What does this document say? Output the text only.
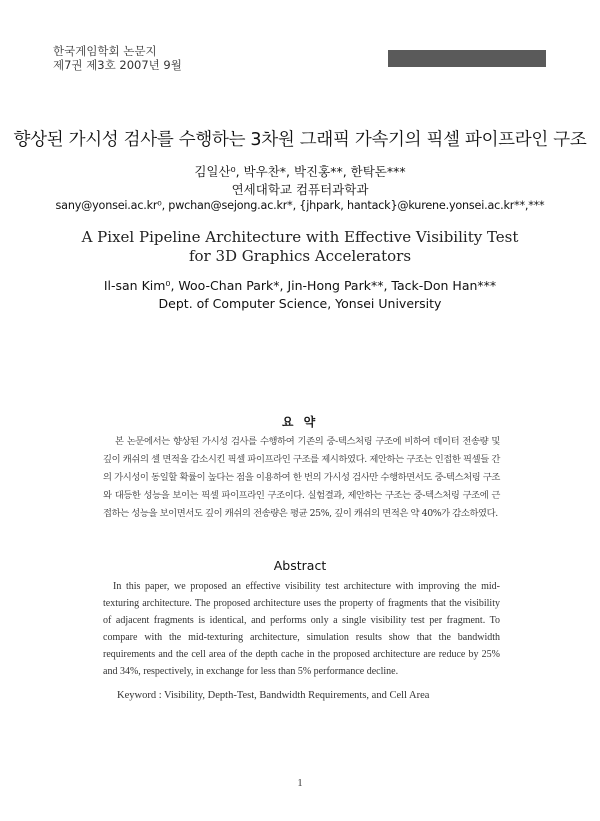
한국게임학회 논문지
제7권 제3호 2007년 9월
향상된 가시성 검사를 수행하는 3차원 그래픽 가속기의 픽셀 파이프라인 구조
김일산⁰, 박우찬*, 박진홍**, 한탁돈***
연세대학교 컴퓨터과학과
sany@yonsei.ac.kr⁰, pwchan@sejong.ac.kr*, {jhpark, hantack}@kurene.yonsei.ac.kr**,***
A Pixel Pipeline Architecture with Effective Visibility Test
for 3D Graphics Accelerators
Il-san Kim⁰, Woo-Chan Park*, Jin-Hong Park**, Tack-Don Han***
Dept. of Computer Science, Yonsei University
요 약
본 논문에서는 향상된 가시성 검사를 수행하여 기존의 중-텍스처링 구조에 비하여 데이터 전송량 및 깊이 캐쉬의 셀 면적을 감소시킨 픽셀 파이프라인 구조를 제시하였다. 제안하는 구조는 인접한 픽셀들 간의 가시성이 동일할 확률이 높다는 점을 이용하여 한 번의 가시성 검사만 수행하면서도 중-텍스처링 구조와 대등한 성능을 보이는 픽셀 파이프라인 구조이다. 실험결과, 제안하는 구조는 중-텍스처링 구조에 근접하는 성능을 보이면서도 깊이 캐쉬의 전송량은 평균 25%, 깊이 캐쉬의 면적은 약 40%가 감소하였다.
Abstract
In this paper, we proposed an effective visibility test architecture with improving the mid-texturing architecture. The proposed architecture uses the property of fragments that the visibility of adjacent fragments is identical, and performs only a single visibility test per fragment. To compare with the mid-texturing architecture, simulation results show that the bandwidth requirements and the cell area of the depth cache in the proposed architecture are reduce by 25% and 34%, respectively, in exchange for less than 5% performance decline.
Keyword : Visibility, Depth-Test, Bandwidth Requirements, and Cell Area
1
